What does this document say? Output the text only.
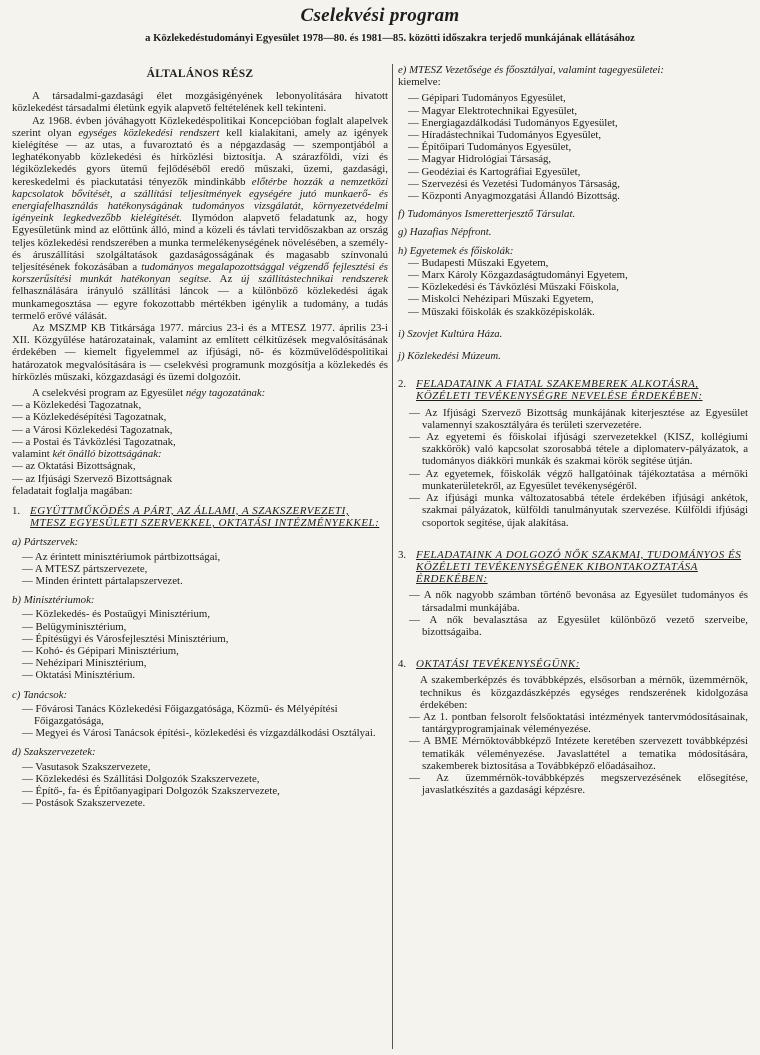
Cselekvési program
a Közlekedéstudományi Egyesület 1978—80. és 1981—85. közötti időszakra terjedő munkájának ellátásához
ÁLTALÁNOS RÉSZ

A társadalmi-gazdasági élet mozgásigényének lebonyolítására hivatott közlekedést társadalmi életünk egyik alapvető feltételének kell tekinteni.

Az 1968. évben jóváhagyott Közlekedéspolitikai Koncepcióban foglalt alapelvek szerint olyan egységes közlekedési rendszert kell kialakítani, amely az igények kielégítése — az utas, a fuvaroztató és a népgazdaság — szempontjából a leghatékonyabb közlekedési és hírközlési biztosítja. A szárazföldi, vízi és légiközlekedés gyors ütemű fejlődéséből eredő műszaki, üzemi, gazdasági, kereskedelmi és piackutatási tényezők mindinkább előtérbe hozzák a nemzetközi kapcsolatok bővítését, a szállítási teljesítmények egységére jutó munkaerő- és energiafelhasználás hatékonyságának tudományos vizsgálatát, környezetvédelmi igényeink legkedvezőbb kielégítését. Ilymódon alapvető feladatunk az, hogy Egyesületünk mind az előttünk álló, mind a közeli és távlati tervidőszakban az ország teljes közlekedési rendszerében a munka termelékenységének növelésében, a személy- és áruszállítási szolgáltatások gazdaságosságának és magasabb színvonalú teljesítésének fokozásában a tudományos megalapozottsággal végzendő fejlesztési és korszerűsítési munkát hatékonyan segítse. Az új szállítástechnikai rendszerek felhasználására irányuló szállítási láncok — a különböző közlekedési ágak munkamegosztása — egyre fokozottabb mértékben igénylik a tudomány, a tudás termelő erővé válását.

Az MSZMP KB Titkársága 1977. március 23-i és a MTESZ 1977. április 23-i XII. Közgyűlése határozatainak, valamint az említett célkitűzések megvalósításának érdekében — kiemelt figyelemmel az ifjúsági, nő- és közművelődéspolitikai határozatok megvalósítására is — cselekvési programunk mozgósítja a közlekedés és hírközlés műszaki, közgazdasági és üzemi dolgozóit.

A cselekvési program az Egyesület négy tagozatának:

— a Közlekedési Tagozatnak,
— a Közlekedésépítési Tagozatnak,
— a Városi Közlekedési Tagozatnak,
— a Postai és Távközlési Tagozatnak,

valamint két önálló bizottságának:

— az Oktatási Bizottságnak,
— az Ifjúsági Szervező Bizottságnak

feladatait foglalja magában:

1. EGYÜTTMŰKÖDÉS A PÁRT, AZ ÁLLAMI, A SZAKSZERVEZETI, MTESZ EGYESÜLETI SZERVEKKEL, OKTATÁSI INTÉZMÉNYEKKEL:
a) Pártszervek:
— Az érintett minisztériumok pártbizottságai,
— A MTESZ pártszervezete,
— Minden érintett pártalapszervezet.
b) Minisztériumok:
— Közlekedés- és Postaügyi Minisztérium,
— Belügyminisztérium,
— Építésügyi és Városfejlesztési Minisztérium,
— Kohó- és Gépipari Minisztérium,
— Nehézipari Minisztérium,
— Oktatási Minisztérium.
c) Tanácsok:
— Fővárosi Tanács Közlekedési Főigazgatósága, Közmű- és Mélyépítési Főigazgatósága,
— Megyei és Városi Tanácsok építési-, közlekedési és vízgazdálkodási Osztályai.
d) Szakszervezetek:
— Vasutasok Szakszervezete,
— Közlekedési és Szállítási Dolgozók Szakszervezete,
— Építő-, fa- és Építőanyagipari Dolgozók Szakszervezete,
— Postások Szakszervezete.
e) MTESZ Vezetősége és főosztályai, valamint tagegyesületei:
kiemelve:
— Gépipari Tudományos Egyesület,
— Magyar Elektrotechnikai Egyesület,
— Energiagazdálkodási Tudományos Egyesület,
— Híradástechnikai Tudományos Egyesület,
— Építőipari Tudományos Egyesület,
— Magyar Hidrológiai Társaság,
— Geodéziai és Kartográfiai Egyesület,
— Szervezési és Vezetési Tudományos Társaság,
— Központi Anyagmozgatási Állandó Bizottság.
f) Tudományos Ismeretterjesztő Társulat.
g) Hazafias Népfront.
h) Egyetemek és főiskolák:
— Budapesti Műszaki Egyetem,
— Marx Károly Közgazdaságtudományi Egyetem,
— Közlekedési és Távközlési Műszaki Főiskola,
— Miskolci Nehézipari Műszaki Egyetem,
— Műszaki főiskolák és szakközépiskolák.
i) Szovjet Kultúra Háza.
j) Közlekedési Múzeum.
2. FELADATAINK A FIATAL SZAKEMBEREK ALKOTÁSRA, KÖZÉLETI TEVÉKENYSÉGRE NEVELÉSE ÉRDEKÉBEN:
— Az Ifjúsági Szervező Bizottság munkájának kiterjesztése az Egyesület valamennyi szakosztályára és területi szervezetére.
— Az egyetemi és főiskolai ifjúsági szervezetekkel (KISZ, kollégiumi szakkörök) való kapcsolat szorosabbá tétele a diplomaterv-pályázatok, a tudományos diákköri munkák és szakmai körök segítése útján.
— Az egyetemek, főiskolák végző hallgatóinak tájékoztatása a mérnöki munkaterületekről, az Egyesület tevékenységéről.
— Az ifjúsági munka változatosabbá tétele érdekében ifjúsági ankétok, szakmai pályázatok, külföldi tanulmányutak szervezése. Külföldi ifjúsági csoportok segítése, újak alakítása.
3. FELADATAINK A DOLGOZÓ NŐK SZAKMAI, TUDOMÁNYOS ÉS KÖZÉLETI TEVÉKENYSÉGÉNEK KIBONTAKOZTATÁSA ÉRDEKÉBEN:
— A nők nagyobb számban történő bevonása az Egyesület tudományos és társadalmi munkájába.
— A nők bevalasztása az Egyesület különböző vezető szerveibe, bizottságaiba.
4. OKTATÁSI TEVÉKENYSÉGÜNK:

A szakemberképzés és továbbképzés, elsősorban a mérnök, üzemmérnök, technikus és közgazdászképzés egységes rendszerének kidolgozása érdekében:

— Az 1. pontban felsorolt felsőoktatási intézmények tantervmódosításainak, tantárgyprogramjainak véleményezése.
— A BME Mérnöktovábbképző Intézete keretében szervezett továbbképzési tematikák véleményezése. Javaslattétel a tematika módosítására, szakemberek biztosítása a Továbbképző előadásaihoz.
— Az üzemmérnök-továbbképzés megszervezésének elősegítése, javaslatkészítés a gazdasági képzésre.
